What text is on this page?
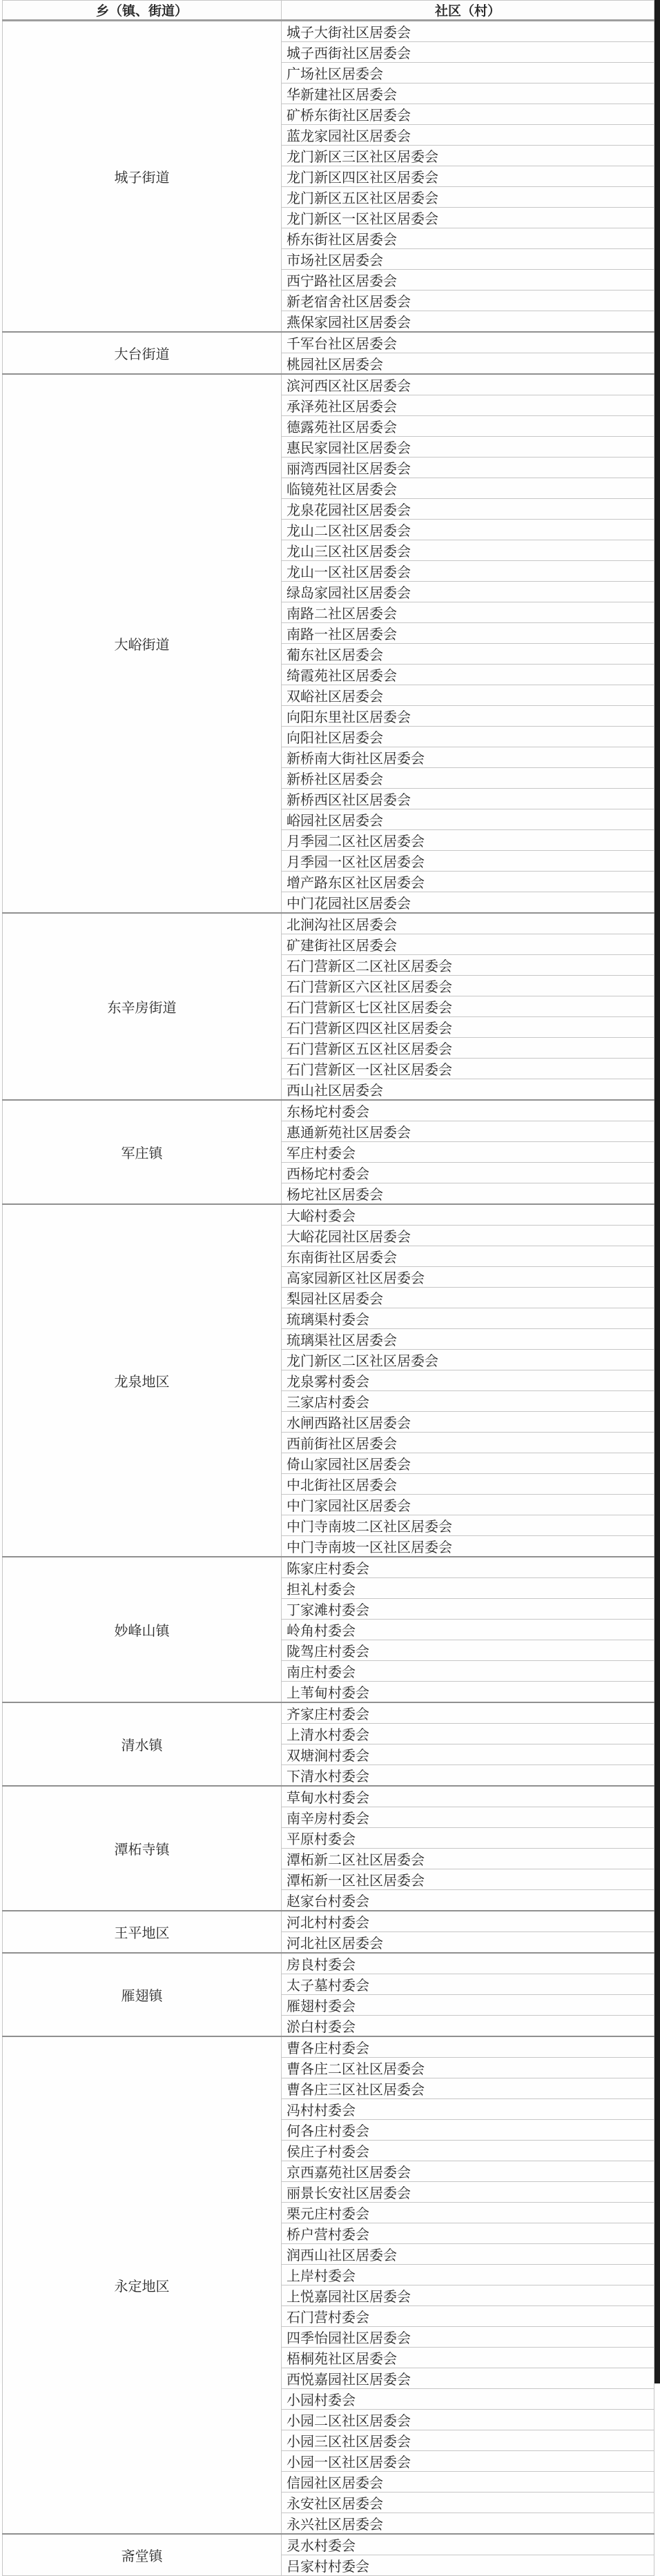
乡（镇、街道）	社区（村）
城子街道	城子大街社区居委会
	城子西街社区居委会
	广场社区居委会
	华新建社区居委会
	矿桥东街社区居委会
	蓝龙家园社区居委会
	龙门新区三区社区居委会
	龙门新区四区社区居委会
	龙门新区五区社区居委会
	龙门新区一区社区居委会
	桥东街社区居委会
	市场社区居委会
	西宁路社区居委会
	新老宿舍社区居委会
	燕保家园社区居委会
大台街道	千军台社区居委会
	桃园社区居委会
大峪街道	滨河西区社区居委会
	承泽苑社区居委会
	德露苑社区居委会
	惠民家园社区居委会
	丽湾西园社区居委会
	临镜苑社区居委会
	龙泉花园社区居委会
	龙山二区社区居委会
	龙山三区社区居委会
	龙山一区社区居委会
	绿岛家园社区居委会
	南路二社区居委会
	南路一社区居委会
	葡东社区居委会
	绮霞苑社区居委会
	双峪社区居委会
	向阳东里社区居委会
	向阳社区居委会
	新桥南大街社区居委会
	新桥社区居委会
	新桥西区社区居委会
	峪园社区居委会
	月季园二区社区居委会
	月季园一区社区居委会
	增产路东区社区居委会
	中门花园社区居委会
东辛房街道	北涧沟社区居委会
	矿建街社区居委会
	石门营新区二区社区居委会
	石门营新区六区社区居委会
	石门营新区七区社区居委会
	石门营新区四区社区居委会
	石门营新区五区社区居委会
	石门营新区一区社区居委会
	西山社区居委会
军庄镇	东杨坨村委会
	惠通新苑社区居委会
	军庄村委会
	西杨坨村委会
	杨坨社区居委会
龙泉地区	大峪村委会
	大峪花园社区居委会
	东南街社区居委会
	高家园新区社区居委会
	梨园社区居委会
	琉璃渠村委会
	琉璃渠社区居委会
	龙门新区二区社区居委会
	龙泉雾村委会
	三家店村委会
	水闸西路社区居委会
	西前街社区居委会
	倚山家园社区居委会
	中北街社区居委会
	中门家园社区居委会
	中门寺南坡二区社区居委会
	中门寺南坡一区社区居委会
妙峰山镇	陈家庄村委会
	担礼村委会
	丁家滩村委会
	岭角村委会
	陇驾庄村委会
	南庄村委会
	上苇甸村委会
清水镇	齐家庄村委会
	上清水村委会
	双塘涧村委会
	下清水村委会
潭柘寺镇	草甸水村委会
	南辛房村委会
	平原村委会
	潭柘新二区社区居委会
	潭柘新一区社区居委会
	赵家台村委会
王平地区	河北村村委会
	河北社区居委会
雁翅镇	房良村委会
	太子墓村委会
	雁翅村委会
	淤白村委会
永定地区	曹各庄村委会
	曹各庄二区社区居委会
	曹各庄三区社区居委会
	冯村村委会
	何各庄村委会
	侯庄子村委会
	京西嘉苑社区居委会
	丽景长安社区居委会
	栗元庄村委会
	桥户营村委会
	润西山社区居委会
	上岸村委会
	上悦嘉园社区居委会
	石门营村委会
	四季怡园社区居委会
	梧桐苑社区居委会
	西悦嘉园社区居委会
	小园村委会
	小园二区社区居委会
	小园三区社区居委会
	小园一区社区居委会
	信园社区居委会
	永安社区居委会
	永兴社区居委会
斋堂镇	灵水村委会
	吕家村村委会
